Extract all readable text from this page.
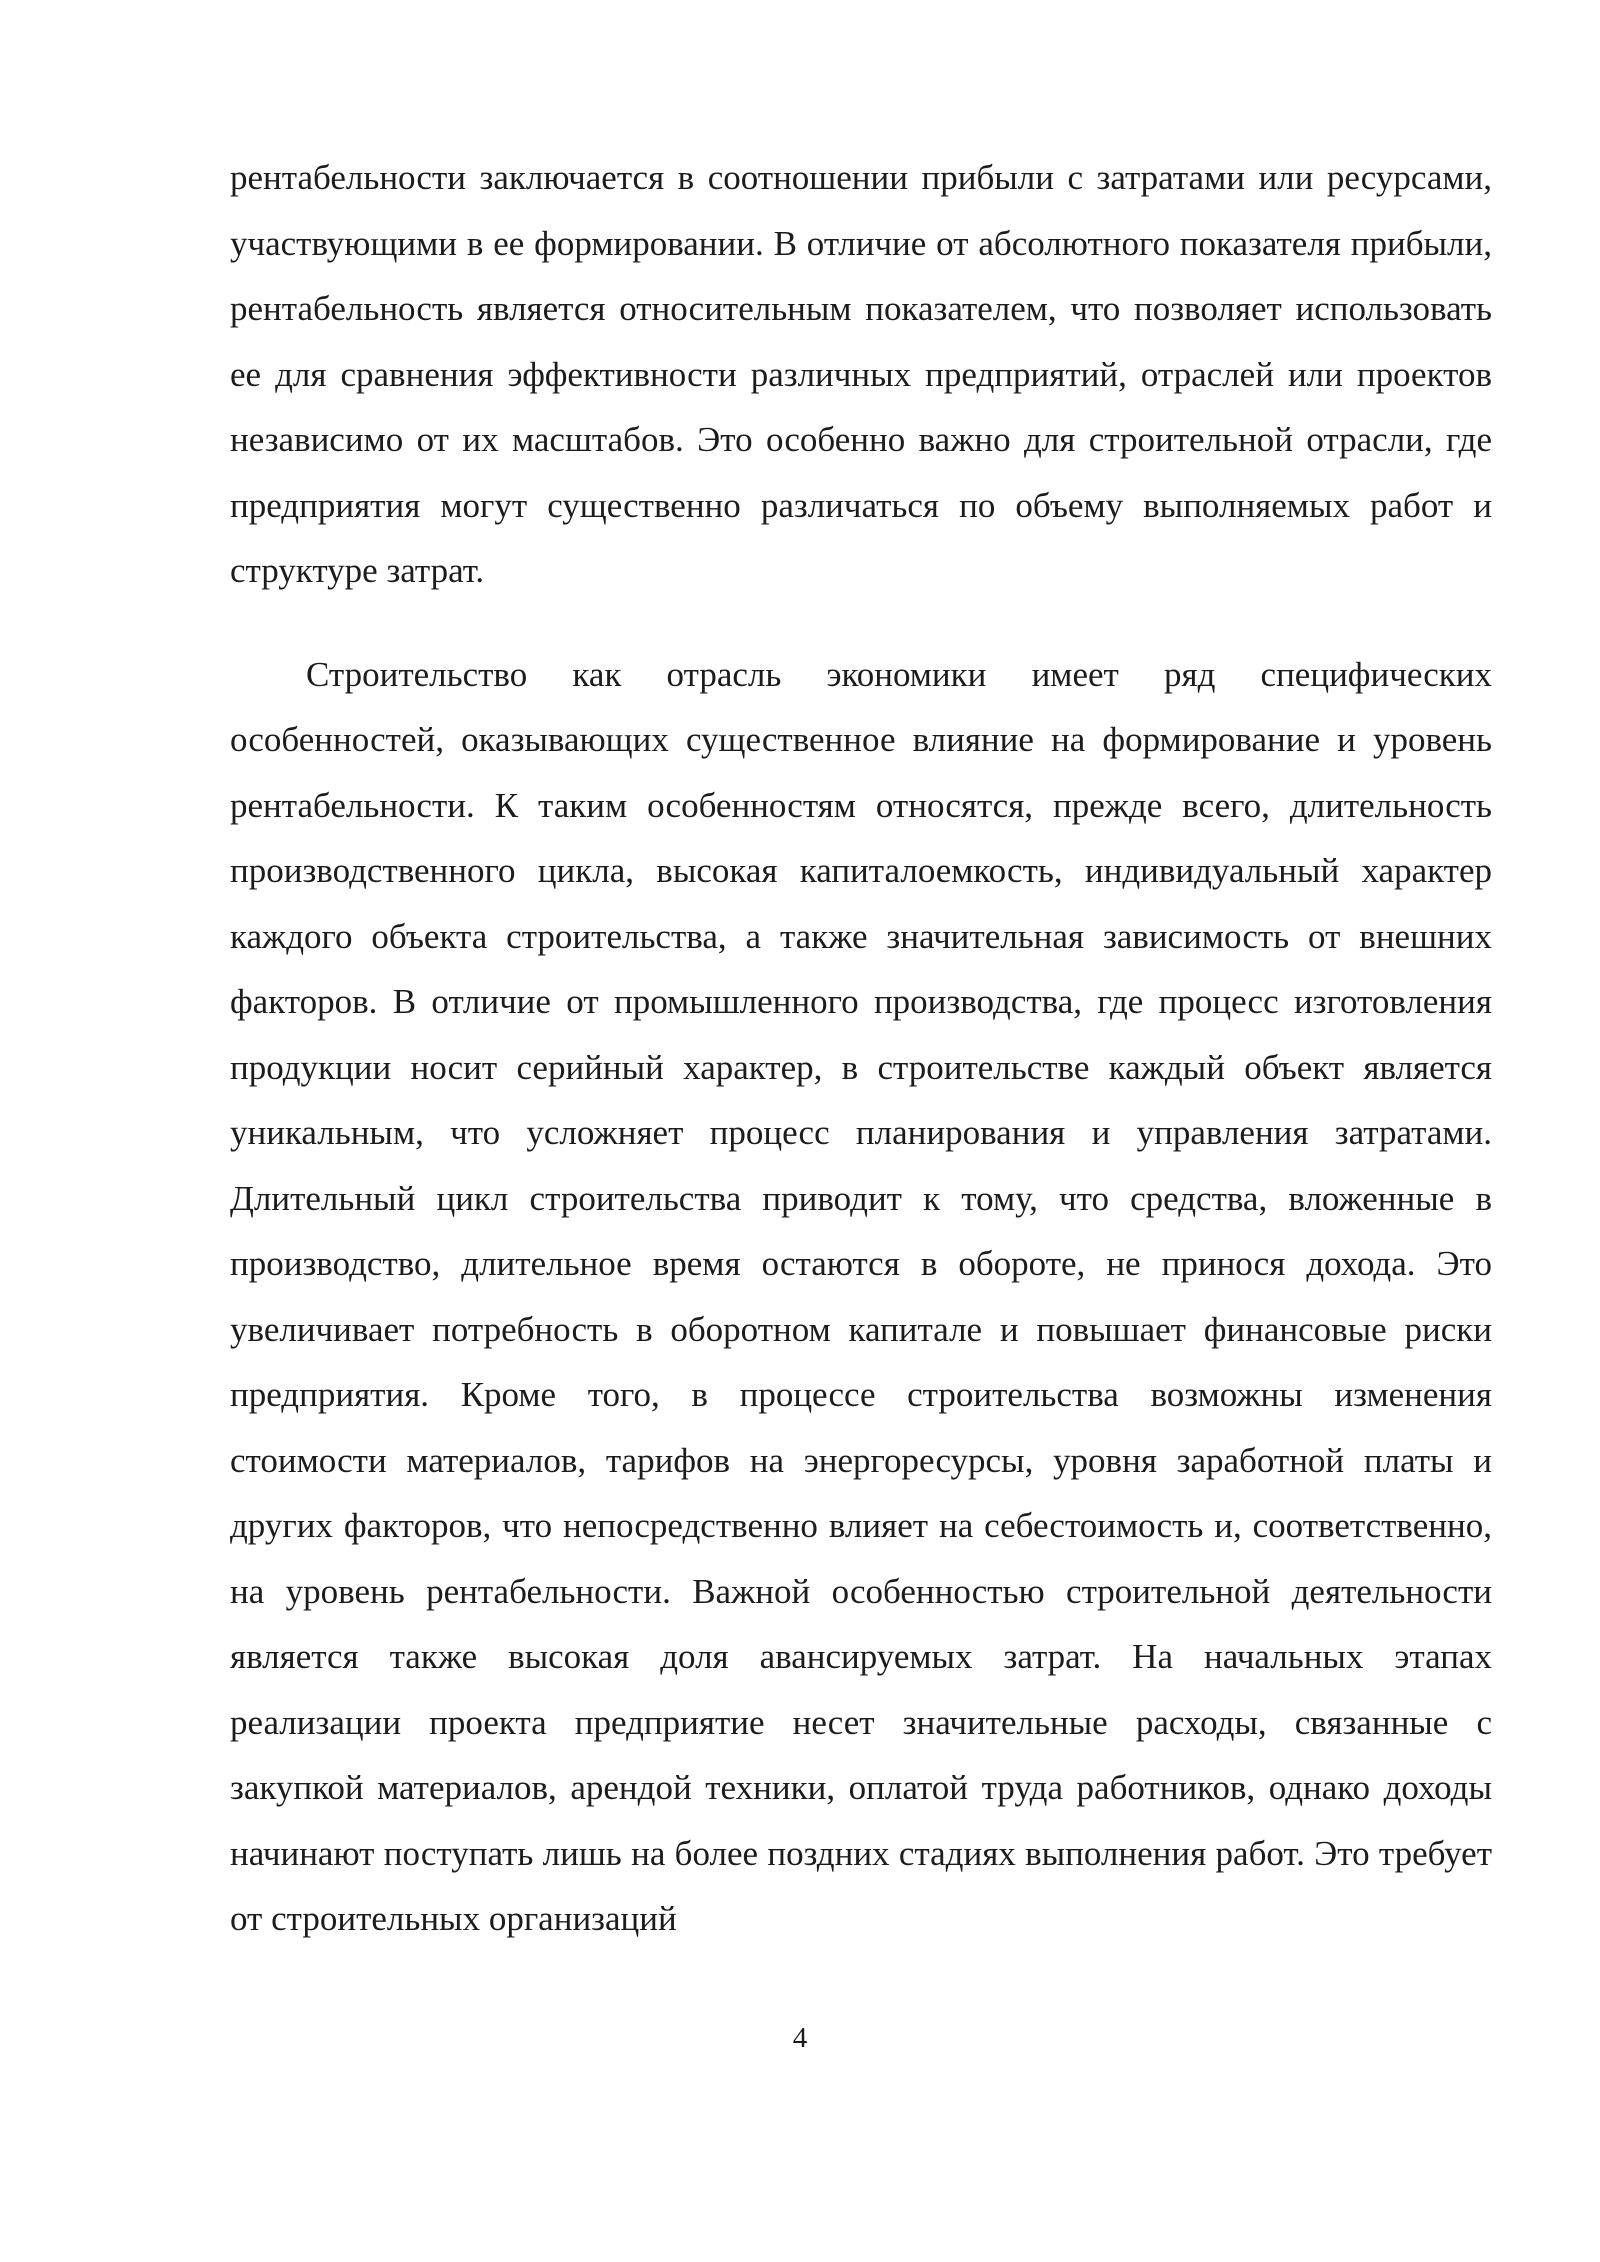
рентабельности заключается в соотношении прибыли с затратами или ресурсами, участвующими в ее формировании. В отличие от абсолютного показателя прибыли, рентабельность является относительным показателем, что позволяет использовать ее для сравнения эффективности различных предприятий, отраслей или проектов независимо от их масштабов. Это особенно важно для строительной отрасли, где предприятия могут существенно различаться по объему выполняемых работ и структуре затрат.

Строительство как отрасль экономики имеет ряд специфических особенностей, оказывающих существенное влияние на формирование и уровень рентабельности. К таким особенностям относятся, прежде всего, длительность производственного цикла, высокая капиталоемкость, индивидуальный характер каждого объекта строительства, а также значительная зависимость от внешних факторов. В отличие от промышленного производства, где процесс изготовления продукции носит серийный характер, в строительстве каждый объект является уникальным, что усложняет процесс планирования и управления затратами. Длительный цикл строительства приводит к тому, что средства, вложенные в производство, длительное время остаются в обороте, не принося дохода. Это увеличивает потребность в оборотном капитале и повышает финансовые риски предприятия. Кроме того, в процессе строительства возможны изменения стоимости материалов, тарифов на энергоресурсы, уровня заработной платы и других факторов, что непосредственно влияет на себестоимость и, соответственно, на уровень рентабельности. Важной особенностью строительной деятельности является также высокая доля авансируемых затрат. На начальных этапах реализации проекта предприятие несет значительные расходы, связанные с закупкой материалов, арендой техники, оплатой труда работников, однако доходы начинают поступать лишь на более поздних стадиях выполнения работ. Это требует от строительных организаций

4
